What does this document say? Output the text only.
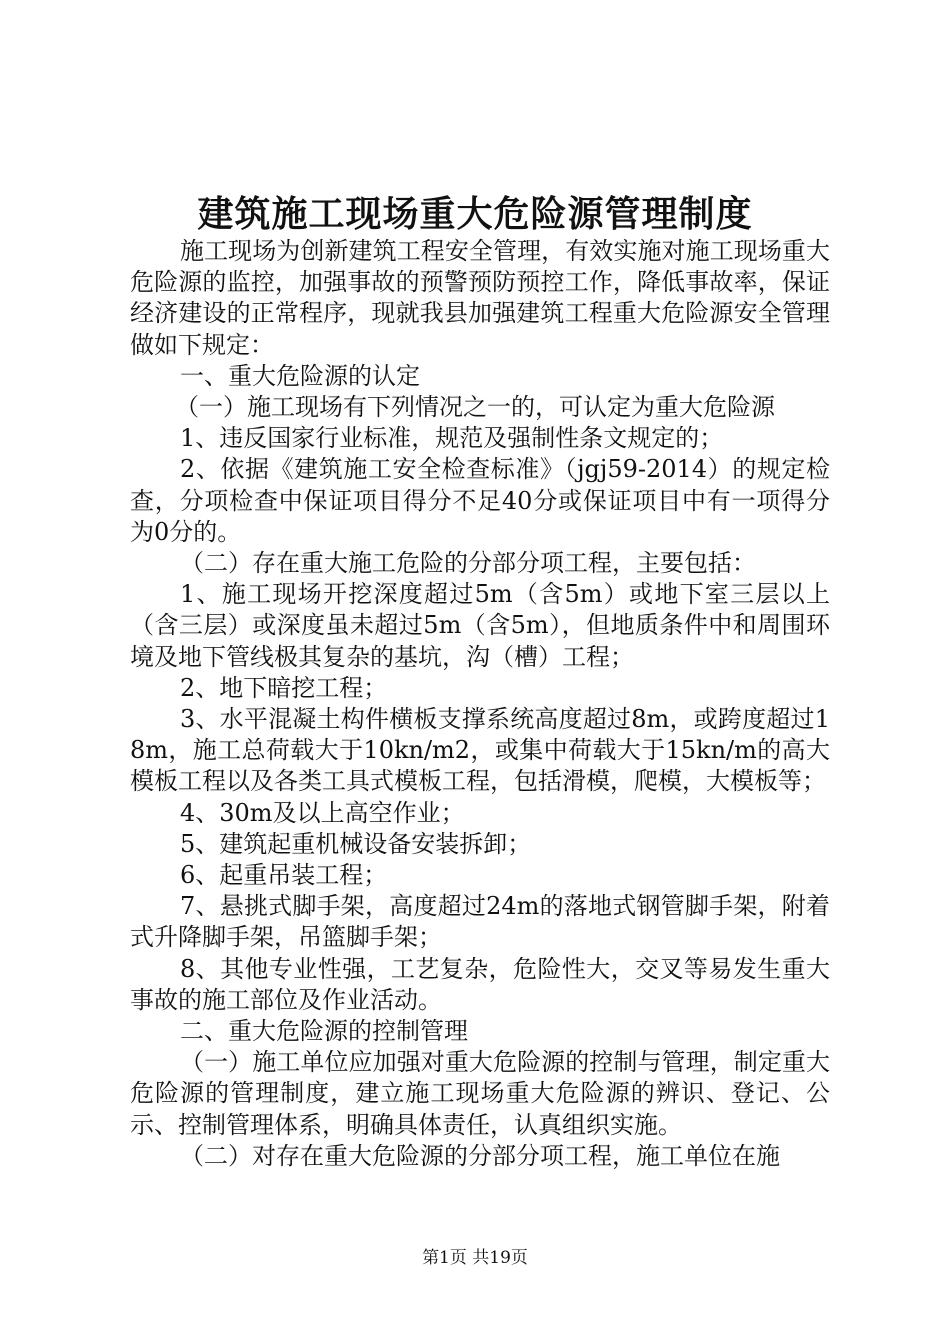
建筑施工现场重大危险源管理制度

施工现场为创新建筑工程安全管理，有效实施对施工现场重大危险源的监控，加强事故的预警预防预控工作，降低事故率，保证经济建设的正常程序，现就我县加强建筑工程重大危险源安全管理做如下规定：

一、重大危险源的认定

（一）施工现场有下列情况之一的，可认定为重大危险源

1、违反国家行业标准，规范及强制性条文规定的；

2、依据《建筑施工安全检查标准》（jgj59-2014）的规定检查，分项检查中保证项目得分不足40分或保证项目中有一项得分为0分的。

（二）存在重大施工危险的分部分项工程，主要包括：

1、施工现场开挖深度超过5m（含5m）或地下室三层以上（含三层）或深度虽未超过5m（含5m），但地质条件中和周围环境及地下管线极其复杂的基坑，沟（槽）工程；

2、地下暗挖工程；

3、水平混凝土构件横板支撑系统高度超过8m，或跨度超过18m，施工总荷载大于10kn/m2，或集中荷载大于15kn/m的高大模板工程以及各类工具式模板工程，包括滑模，爬模，大模板等；

4、30m及以上高空作业；

5、建筑起重机械设备安装拆卸；

6、起重吊装工程；

7、悬挑式脚手架，高度超过24m的落地式钢管脚手架，附着式升降脚手架，吊篮脚手架；

8、其他专业性强，工艺复杂，危险性大，交叉等易发生重大事故的施工部位及作业活动。

二、重大危险源的控制管理

（一）施工单位应加强对重大危险源的控制与管理，制定重大危险源的管理制度，建立施工现场重大危险源的辨识、登记、公示、控制管理体系，明确具体责任，认真组织实施。

（二）对存在重大危险源的分部分项工程，施工单位在施

第1页 共19页
